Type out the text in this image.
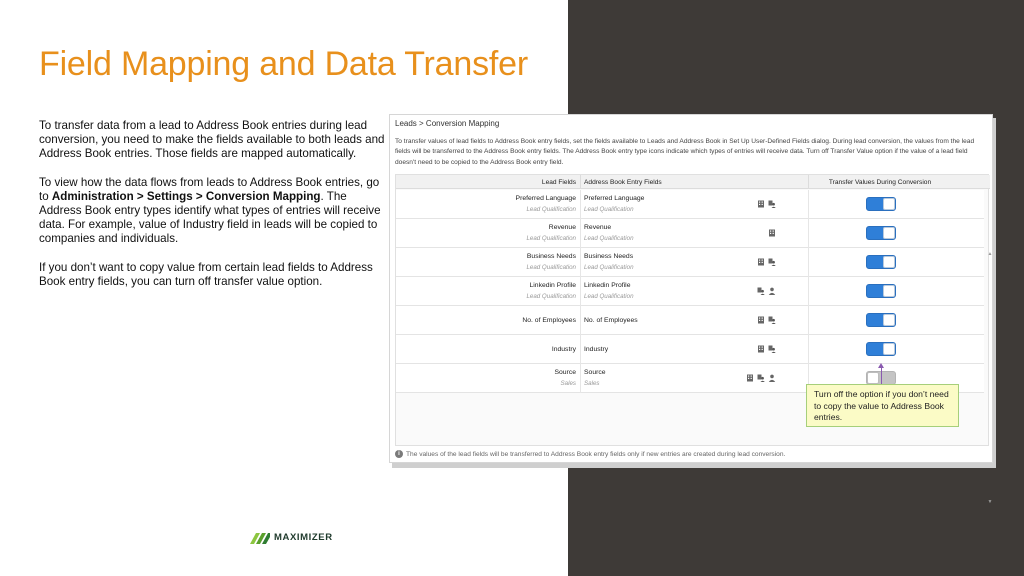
Field Mapping and Data Transfer

To transfer data from a lead to Address Book entries during lead conversion, you need to make the fields available to both leads and Address Book entries. Those fields are mapped automatically.

To view how the data flows from leads to Address Book entries, go to Administration > Settings > Conversion Mapping. The Address Book entry types identify what types of entries will receive data. For example, value of Industry field in leads will be copied to companies and individuals.

If you don’t want to copy value from certain lead fields to Address Book entry fields, you can turn off transfer value option.

MAXIMIZER
Leads > Conversion Mapping
To transfer values of lead fields to Address Book entry fields, set the fields available to Leads and Address Book in Set Up User-Defined Fields dialog. During lead conversion, the values from the lead fields will be transferred to the Address Book entry fields. The Address Book entry type icons indicate which types of entries will receive data. Turn off Transfer Value option if the value of a lead field doesn't need to be copied to the Address Book entry field.
Lead Fields Address Book Entry Fields	Transfer Values During Conversion
Preferred Language
Lead Qualification
Preferred Language
Lead Qualification
Revenue
Lead Qualification
Revenue
Lead Qualification
Business Needs
Lead Qualification
Business Needs
Lead Qualification
Linkedin Profile
Lead Qualification
Linkedin Profile
Lead Qualification
No. of Employees No. of Employees
Industry Industry
Source
Sales
Source
Sales
▲
▼
i The values of the lead fields will be transferred to Address Book entry fields only if new entries are created during lead conversion.
Turn off the option if you don’t need to copy the value to Address Book entries.
